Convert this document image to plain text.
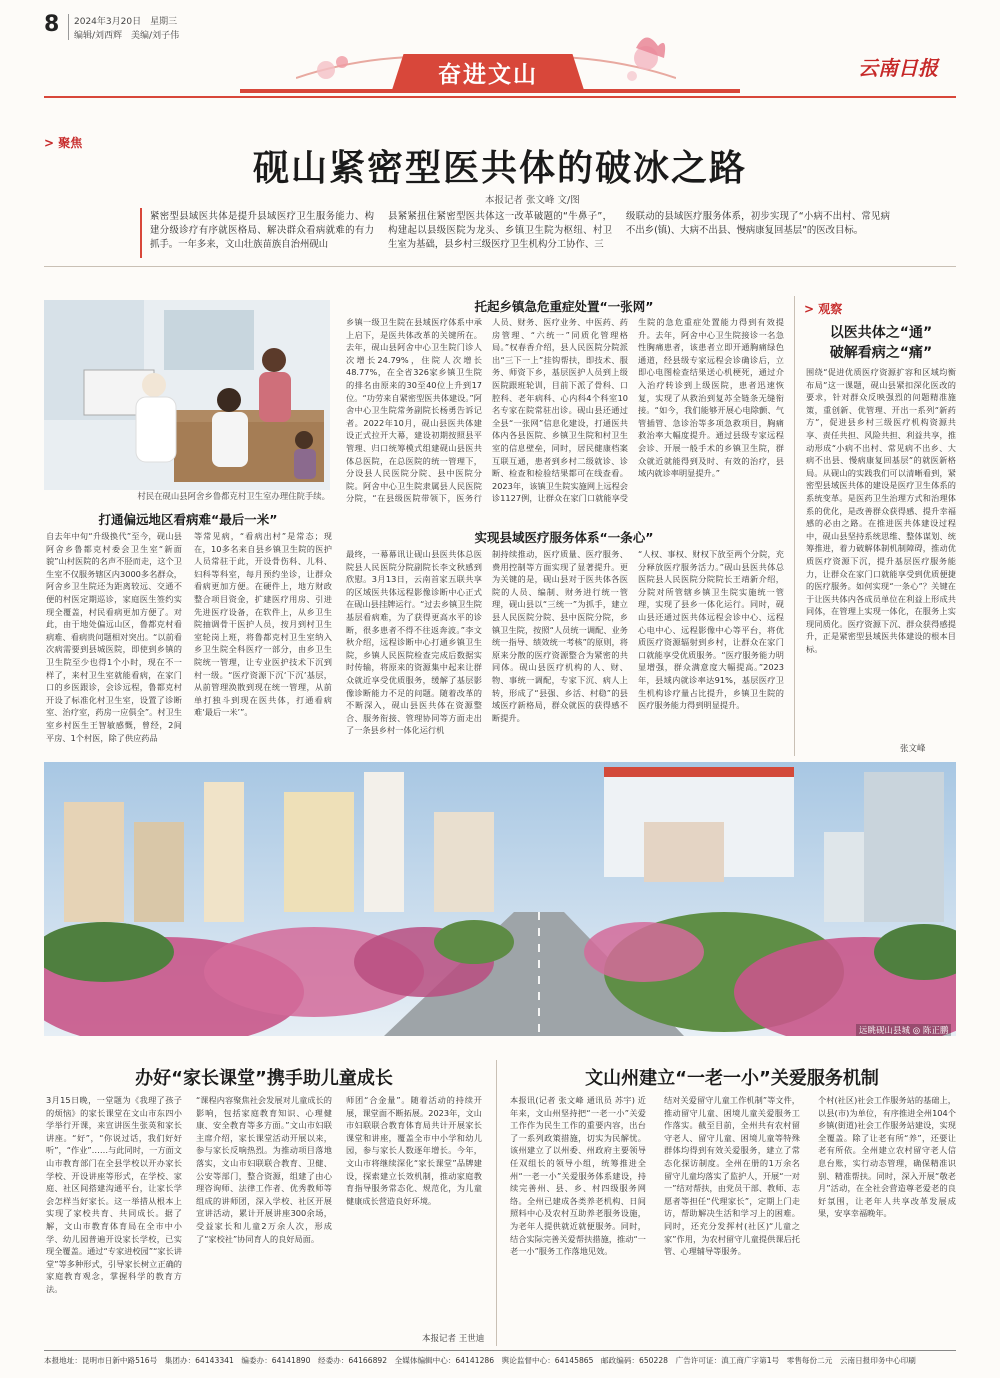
8 2024年3月20日　星期三
编辑/刘西辉　美编/刘子伟
奋进文山	云南日报
> 聚焦
砚山紧密型医共体的破冰之路
本报记者 张文峰 文/图
紧密型县域医共体是提升县域医疗卫生服务能力、构建分级诊疗有序就医格局、解决群众看病就难的有力抓手。一年多来，文山壮族苗族自治州砚山
县紧紧扭住紧密型医共体这一改革破题的“牛鼻子”，构建起以县级医院为龙头、乡镇卫生院为枢纽、村卫生室为基础，县乡村三级医疗卫生机构分工协作、三
级联动的县域医疗服务体系，初步实现了“小病不出村、常见病不出乡(镇)、大病不出县、慢病康复回基层”的医改目标。
村民在砚山县阿舍乡鲁都克村卫生室办理住院手续。
托起乡镇急危重症处置“一张网”
乡镇一级卫生院在县域医疗体系中承上启下，是医共体改革的关键所在。去年，砚山县阿舍中心卫生院门诊人次增长24.79%，住院人次增长48.77%，在全省326家乡镇卫生院的排名由原来的30至40位上升到17位。“功劳来自紧密型医共体建设。”阿舍中心卫生院常务副院长杨勇告诉记者。2022年10月，砚山县医共体建设正式拉开大幕，建设初期按照县平管理、归口统筹模式组建砚山县医共体总医院，在总医院的统一管理下，分设县人民医院分院、县中医院分院。阿舍中心卫生院隶属县人民医院分院，“在县级医院带领下，医务行
人员、财务、医疗业务、中医药、药房管理、“六统一”同质化管理格局。”权春香介绍，县人民医院分院派出“三下一上”挂钩帮扶，即技术、服务、师资下乡，基层医护人员到上级医院跟班轮训，目前下派了骨科、口腔科、老年病科、心内科4个科室10名专家在院常驻出诊。砚山县还通过全县“一张网”信息化建设，打通医共体内各县医院、乡镇卫生院和村卫生室的信息壁垒，同时，居民健康档案互联互通，患者到乡村二级就诊、诊断、检查和检验结果都可在线查看。2023年，该镇卫生院实施网上远程会诊1127例，让群众在家门口就能享受
生院的急危重症处置能力得到有效提升。去年，阿舍中心卫生院接诊一名急性胸痛患者，该患者立即开通胸痛绿色通道，经县级专家远程会诊确诊后，立即心电图检查结果送心机梗死，通过介入治疗转诊到上级医院，患者迅速恢复，实现了从救治到复苏全链条无缝衔接。“如今，我们能够开展心电除颤、气管插管、急诊治等多项急救项目，胸痛救治率大幅度提升。通过县级专家远程会诊、开展一般手术的乡镇卫生院，群众就近就能得到及时、有效的治疗，县域内就诊率明显提升。”
打通偏远地区看病难“最后一米”
自去年中旬“升级换代”至今，砚山县阿舍乡鲁都克村委会卫生室“新面貌”山村医院的名声不胫而走，这个卫生室不仅服务辖区内3000多名群众，阿舍乡卫生院还为距离较远、交通不便的村医定期巡诊，家庭医生签约实现全覆盖，村民看病更加方便了。对此，由于地处偏远山区，鲁都克村看病难、看病贵问题相对突出。“以前看次病需要到县城医院，即使到乡镇的卫生院至少也得1个小时，现在不一样了，来村卫生室就能看病，在家门口的乡医跟诊，会诊远程，鲁都克村开设了标准化村卫生室，设置了诊断室、治疗室，药房一应俱全”。村卫生室乡村医生王智敏感慨，曾经，2间平房、1个村医，除了供应药品
等常见病，“看病出村”是常态；现在，10多名来自县乡镇卫生院的医护人员常驻于此，开设骨伤科、儿科、妇科等科室，每月预约坐诊，让群众看病更加方便。在硬件上，地方财政整合项目资金，扩建医疗用房、引进先进医疗设备，在软件上，从乡卫生院抽调骨干医护人员，按月到村卫生室轮岗上班，将鲁都克村卫生室纳入乡卫生院全科医疗一部分，由乡卫生院统一管理，让专业医护技术下沉到村一级。“医疗资源下沉‘下沉’基层，从前管理涣散到现在统一管理，从前单打独斗到现在医共体，打通看病难‘最后一米’”。
实现县域医疗服务体系“一条心”
最终，一幕幕讯让砚山县医共体总医院县人民医院分院副院长李文秋感到欣慰。3月13日，云南首家五联共享的区域医共体远程影像诊断中心正式在砚山县挂牌运行。“过去乡镇卫生院基层看病难，为了获得更高水平的诊断，很多患者不得不往返奔波。”李文秋介绍，远程诊断中心打通乡镇卫生院，乡镇人民医院检查完成后数据实时传输，将原来的资源集中起来让群众就近享受优质服务，缓解了基层影像诊断能力不足的问题。随着改革的不断深入，砚山县医共体在资源整合、服务衔接、管理协同等方面走出了一条县乡村一体化运行机
制持续推动，医疗质量、医疗服务、费用控制等方面实现了显著提升。更为关键的是，砚山县对于医共体各医院的人员、编制、财务进行统一管理，砚山县以“三统一”为抓手，建立县人民医院分院、县中医院分院，乡镇卫生院，按照“人员统一调配、业务统一指导、绩效统一考核”的原则，将原来分散的医疗资源整合为紧密的共同体。砚山县医疗机构的人、财、物、事统一调配，专家下沉、病人上转，形成了“县强、乡活、村稳”的县域医疗新格局，群众就医的获得感不断提升。
“人权、事权、财权下放至两个分院，充分释放医疗服务活力。”砚山县医共体总医院县人民医院分院院长王靖新介绍，分院对所管辖乡镇卫生院实施统一管理，实现了县乡一体化运行。同时，砚山县还通过医共体远程会诊中心、远程心电中心、远程影像中心等平台，将优质医疗资源辐射到乡村，让群众在家门口就能享受优质服务。“医疗服务能力明显增强，群众满意度大幅提高。”2023年，县域内就诊率达91%，基层医疗卫生机构诊疗量占比提升，乡镇卫生院的医疗服务能力得到明显提升。
> 观察
以医共体之“通”
破解看病之“痛”
围绕“促进优质医疗资源扩容和区域均衡布局”这一课题，砚山县紧扣深化医改的要求，针对群众反映强烈的问题精准施策，重创新、优管理、开出一系列“新药方”，促进县乡村三级医疗机构资源共享、责任共担、风险共担、利益共享，推动形成“小病不出村、常见病不出乡、大病不出县、慢病康复回基层”的就医新格局。从砚山的实践我们可以清晰看到，紧密型县域医共体的建设是医疗卫生体系的系统变革。是医药卫生治理方式和治理体系的优化，是改善群众获得感、提升幸福感的必由之路。在推进医共体建设过程中，砚山县坚持系统思维、整体谋划、统筹推进，着力破解体制机制障碍，推动优质医疗资源下沉，提升基层医疗服务能力，让群众在家门口就能享受到优质便捷的医疗服务。如何实现“一条心”？关键在于让医共体内各成员单位在利益上形成共同体，在管理上实现一体化，在服务上实现同质化。医疗资源下沉、群众获得感提升，正是紧密型县域医共体建设的根本目标。
张文峰
远眺砚山县城 ◎ 陈正鹏
办好“家长课堂”携手助儿童成长
3月15日晚，一堂题为《我理了孩子的烦恼》的家长课堂在文山市东四小学举行开课，来宣讲医生张英和家长讲座。“好”，“你说过话，我们好好听”，“作业”……与此同时，一方面文山市教育部门在全县学校以开办家长学校、开设讲座等形式，在学校、家庭、社区间搭建沟通平台，让家长学会怎样当好家长。这一举措从根本上实现了家校共育、共同成长。据了解，文山市教育体育局在全市中小学、幼儿园普遍开设家长学校，已实现全覆盖。通过“专家进校园”“家长讲堂”等多种形式，引导家长树立正确的家庭教育观念，掌握科学的教育方法。
“课程内容聚焦社会发展对儿童成长的影响，包括家庭教育知识、心理健康、安全教育等多方面。”文山市妇联主席介绍，家长课堂活动开展以来，参与家长反响热烈。为推动项目落地落实，文山市妇联联合教育、卫健、公安等部门，整合资源，组建了由心理咨询师、法律工作者、优秀教师等组成的讲师团，深入学校、社区开展宣讲活动，累计开展讲座300余场，受益家长和儿童2万余人次，形成了“家校社”协同育人的良好局面。
师团“合金量”。随着活动的持续开展，课堂面不断拓展。2023年，文山市妇联联合教育体育局共计开展家长课堂和讲座，覆盖全市中小学和幼儿园，参与家长人数逐年增长。今年，文山市将继续深化“家长课堂”品牌建设，探索建立长效机制，推动家庭教育指导服务常态化、规范化，为儿童健康成长营造良好环境。
本报记者 王世迪
文山州建立“一老一小”关爱服务机制
本报讯(记者 张文峰 通讯员 苏宇) 近年来，文山州坚持把“一老一小”关爱工作作为民生工作的重要内容，出台了一系列政策措施，切实为民解忧。该州建立了以州委、州政府主要领导任双组长的领导小组，统筹推进全州“一老一小”关爱服务体系建设，持续完善州、县、乡、村四级服务网络。全州已建成各类养老机构、日间照料中心及农村互助养老服务设施，为老年人提供就近就便服务。同时，结合实际完善关爱帮扶措施，推动“一老一小”服务工作落地见效。
结对关爱留守儿童工作机制”等文件，推动留守儿童、困境儿童关爱服务工作落实。截至目前，全州共有农村留守老人、留守儿童、困境儿童等特殊群体均得到有效关爱服务，建立了常态化探访制度。全州在册的1万余名留守儿童均落实了监护人，开展“一对一”结对帮扶，由党员干部、教师、志愿者等担任“代理家长”，定期上门走访，帮助解决生活和学习上的困难。同时，还充分发挥村(社区)“儿童之家”作用，为农村留守儿童提供课后托管、心理辅导等服务。
个村(社区)社会工作服务站的基础上，以县(市)为单位，有序推进全州104个乡镇(街道)社会工作服务站建设，实现全覆盖。除了让老有所“养”，还要让老有所依。全州建立农村留守老人信息台账，实行动态管理，确保精准识别、精准帮扶。同时，深入开展“敬老月”活动，在全社会营造尊老爱老的良好氛围，让老年人共享改革发展成果，安享幸福晚年。
本报地址：昆明市日新中路516号　集团办：64143341　编委办：64141890　经委办：64166892　全媒体编辑中心：64141286　舆论监督中心：64145865　邮政编码：650228　广告许可证：滇工商广字第1号　零售每份二元　云南日报印务中心印刷
